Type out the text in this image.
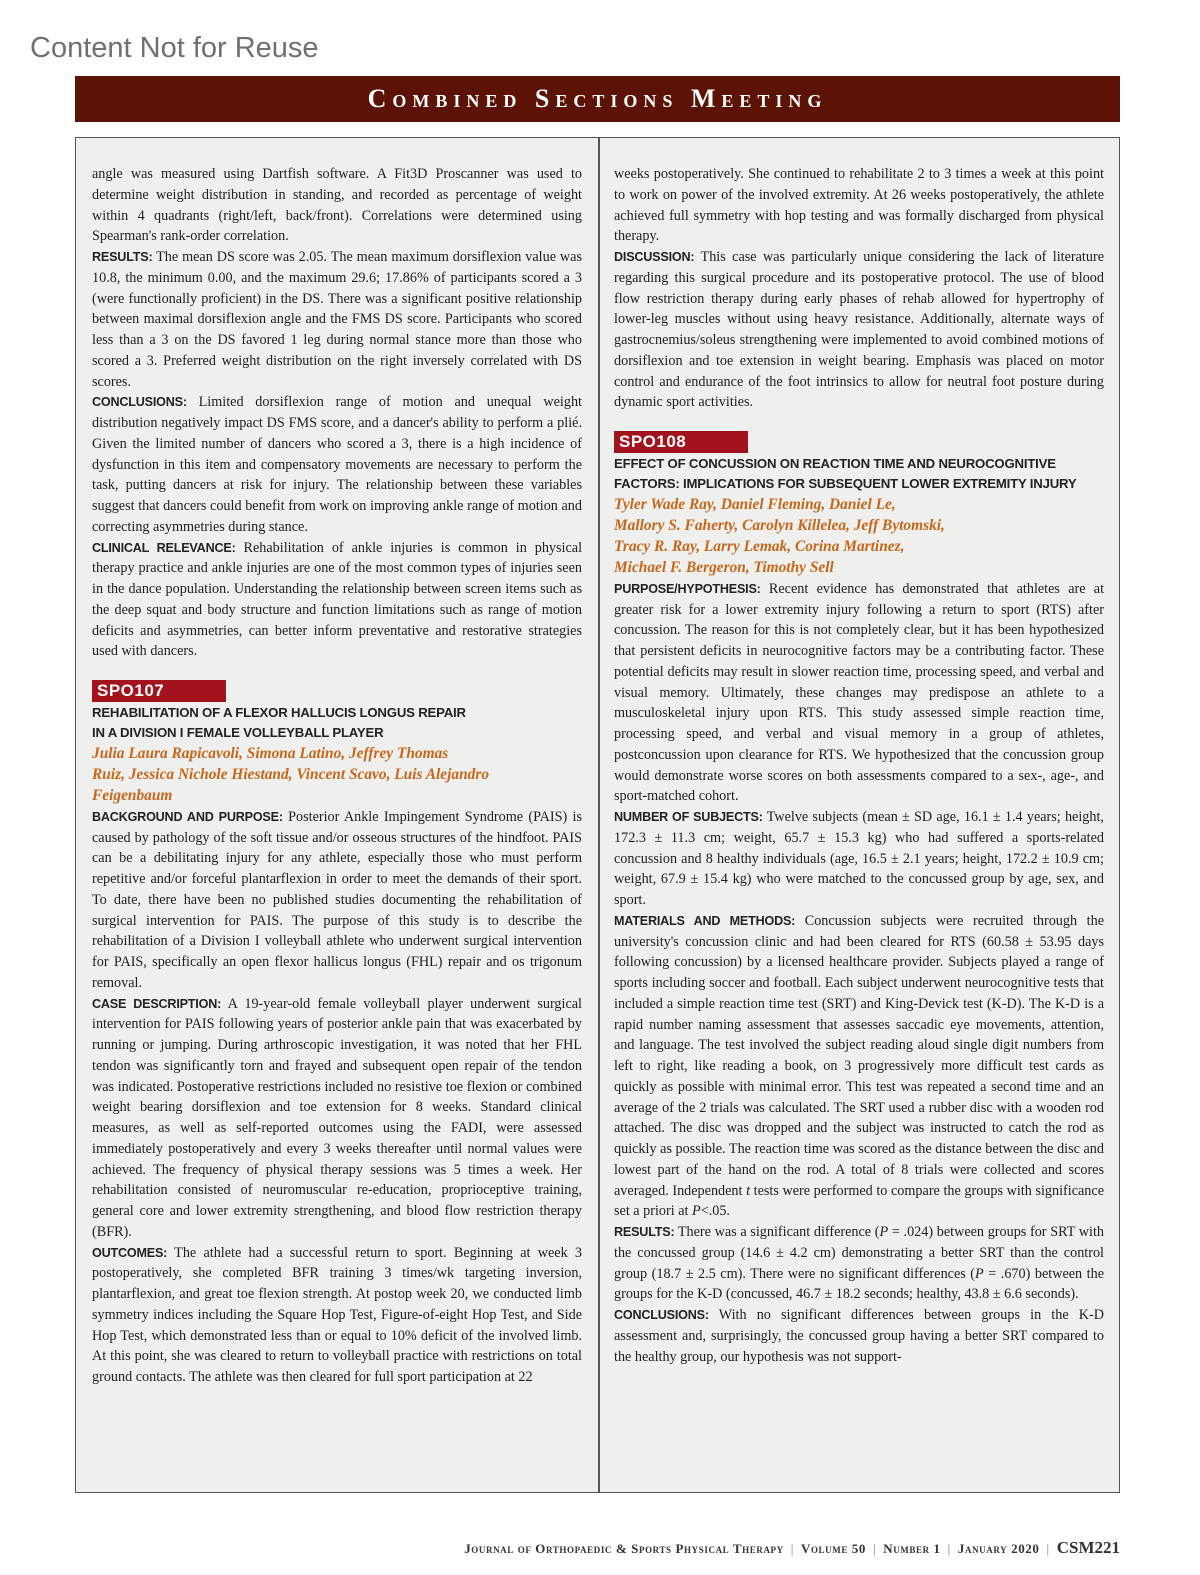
Content Not for Reuse
Combined Sections Meeting

angle was measured using Dartfish software. A Fit3D Proscanner was used to determine weight distribution in standing, and recorded as percentage of weight within 4 quadrants (right/left, back/front). Correlations were determined using Spearman's rank-order correlation.

RESULTS: The mean DS score was 2.05. The mean maximum dorsiflexion value was 10.8, the minimum 0.00, and the maximum 29.6; 17.86% of participants scored a 3 (were functionally proficient) in the DS. There was a significant positive relationship between maximal dorsiflexion angle and the FMS DS score. Participants who scored less than a 3 on the DS favored 1 leg during normal stance more than those who scored a 3. Preferred weight distribution on the right inversely correlated with DS scores.

CONCLUSIONS: Limited dorsiflexion range of motion and unequal weight distribution negatively impact DS FMS score, and a dancer's ability to perform a plié. Given the limited number of dancers who scored a 3, there is a high incidence of dysfunction in this item and compensatory movements are necessary to perform the task, putting dancers at risk for injury. The relationship between these variables suggest that dancers could benefit from work on improving ankle range of motion and correcting asymmetries during stance.

CLINICAL RELEVANCE: Rehabilitation of ankle injuries is common in physical therapy practice and ankle injuries are one of the most common types of injuries seen in the dance population. Understanding the relationship between screen items such as the deep squat and body structure and function limitations such as range of motion deficits and asymmetries, can better inform preventative and restorative strategies used with dancers.

SPO107
REHABILITATION OF A FLEXOR HALLUCIS LONGUS REPAIR
IN A DIVISION I FEMALE VOLLEYBALL PLAYER
Julia Laura Rapicavoli, Simona Latino, Jeffrey Thomas
Ruiz, Jessica Nichole Hiestand, Vincent Scavo, Luis Alejandro
Feigenbaum

BACKGROUND AND PURPOSE: Posterior Ankle Impingement Syndrome (PAIS) is caused by pathology of the soft tissue and/or osseous structures of the hindfoot. PAIS can be a debilitating injury for any athlete, especially those who must perform repetitive and/or forceful plantarflexion in order to meet the demands of their sport. To date, there have been no published studies documenting the rehabilitation of surgical intervention for PAIS. The purpose of this study is to describe the rehabilitation of a Division I volleyball athlete who underwent surgical intervention for PAIS, specifically an open flexor hallicus longus (FHL) repair and os trigonum removal.

CASE DESCRIPTION: A 19-year-old female volleyball player underwent surgical intervention for PAIS following years of posterior ankle pain that was exacerbated by running or jumping. During arthroscopic investigation, it was noted that her FHL tendon was significantly torn and frayed and subsequent open repair of the tendon was indicated. Postoperative restrictions included no resistive toe flexion or combined weight bearing dorsiflexion and toe extension for 8 weeks. Standard clinical measures, as well as self-reported outcomes using the FADI, were assessed immediately postoperatively and every 3 weeks thereafter until normal values were achieved. The frequency of physical therapy sessions was 5 times a week. Her rehabilitation consisted of neuromuscular re-education, proprioceptive training, general core and lower extremity strengthening, and blood flow restriction therapy (BFR).

OUTCOMES: The athlete had a successful return to sport. Beginning at week 3 postoperatively, she completed BFR training 3 times/wk targeting inversion, plantarflexion, and great toe flexion strength. At postop week 20, we conducted limb symmetry indices including the Square Hop Test, Figure-of-eight Hop Test, and Side Hop Test, which demonstrated less than or equal to 10% deficit of the involved limb. At this point, she was cleared to return to volleyball practice with restrictions on total ground contacts. The athlete was then cleared for full sport participation at 22

weeks postoperatively. She continued to rehabilitate 2 to 3 times a week at this point to work on power of the involved extremity. At 26 weeks postoperatively, the athlete achieved full symmetry with hop testing and was formally discharged from physical therapy.

DISCUSSION: This case was particularly unique considering the lack of literature regarding this surgical procedure and its postoperative protocol. The use of blood flow restriction therapy during early phases of rehab allowed for hypertrophy of lower-leg muscles without using heavy resistance. Additionally, alternate ways of gastrocnemius/soleus strengthening were implemented to avoid combined motions of dorsiflexion and toe extension in weight bearing. Emphasis was placed on motor control and endurance of the foot intrinsics to allow for neutral foot posture during dynamic sport activities.

SPO108
EFFECT OF CONCUSSION ON REACTION TIME AND NEUROCOGNITIVE
FACTORS: IMPLICATIONS FOR SUBSEQUENT LOWER EXTREMITY INJURY
Tyler Wade Ray, Daniel Fleming, Daniel Le,
Mallory S. Faherty, Carolyn Killelea, Jeff Bytomski,
Tracy R. Ray, Larry Lemak, Corina Martinez,
Michael F. Bergeron, Timothy Sell

PURPOSE/HYPOTHESIS: Recent evidence has demonstrated that athletes are at greater risk for a lower extremity injury following a return to sport (RTS) after concussion. The reason for this is not completely clear, but it has been hypothesized that persistent deficits in neurocognitive factors may be a contributing factor. These potential deficits may result in slower reaction time, processing speed, and verbal and visual memory. Ultimately, these changes may predispose an athlete to a musculoskeletal injury upon RTS. This study assessed simple reaction time, processing speed, and verbal and visual memory in a group of athletes, postconcussion upon clearance for RTS. We hypothesized that the concussion group would demonstrate worse scores on both assessments compared to a sex-, age-, and sport-matched cohort.

NUMBER OF SUBJECTS: Twelve subjects (mean ± SD age, 16.1 ± 1.4 years; height, 172.3 ± 11.3 cm; weight, 65.7 ± 15.3 kg) who had suffered a sports-related concussion and 8 healthy individuals (age, 16.5 ± 2.1 years; height, 172.2 ± 10.9 cm; weight, 67.9 ± 15.4 kg) who were matched to the concussed group by age, sex, and sport.

MATERIALS AND METHODS: Concussion subjects were recruited through the university's concussion clinic and had been cleared for RTS (60.58 ± 53.95 days following concussion) by a licensed healthcare provider. Subjects played a range of sports including soccer and football. Each subject underwent neurocognitive tests that included a simple reaction time test (SRT) and King-Devick test (K-D). The K-D is a rapid number naming assessment that assesses saccadic eye movements, attention, and language. The test involved the subject reading aloud single digit numbers from left to right, like reading a book, on 3 progressively more difficult test cards as quickly as possible with minimal error. This test was repeated a second time and an average of the 2 trials was calculated. The SRT used a rubber disc with a wooden rod attached. The disc was dropped and the subject was instructed to catch the rod as quickly as possible. The reaction time was scored as the distance between the disc and lowest part of the hand on the rod. A total of 8 trials were collected and scores averaged. Independent t tests were performed to compare the groups with significance set a priori at P<.05.

RESULTS: There was a significant difference (P = .024) between groups for SRT with the concussed group (14.6 ± 4.2 cm) demonstrating a better SRT than the control group (18.7 ± 2.5 cm). There were no significant differences (P = .670) between the groups for the K-D (concussed, 46.7 ± 18.2 seconds; healthy, 43.8 ± 6.6 seconds).

CONCLUSIONS: With no significant differences between groups in the K-D assessment and, surprisingly, the concussed group having a better SRT compared to the healthy group, our hypothesis was not support-

Journal of Orthopaedic & Sports Physical Therapy | Volume 50 | Number 1 | January 2020 | CSM221
